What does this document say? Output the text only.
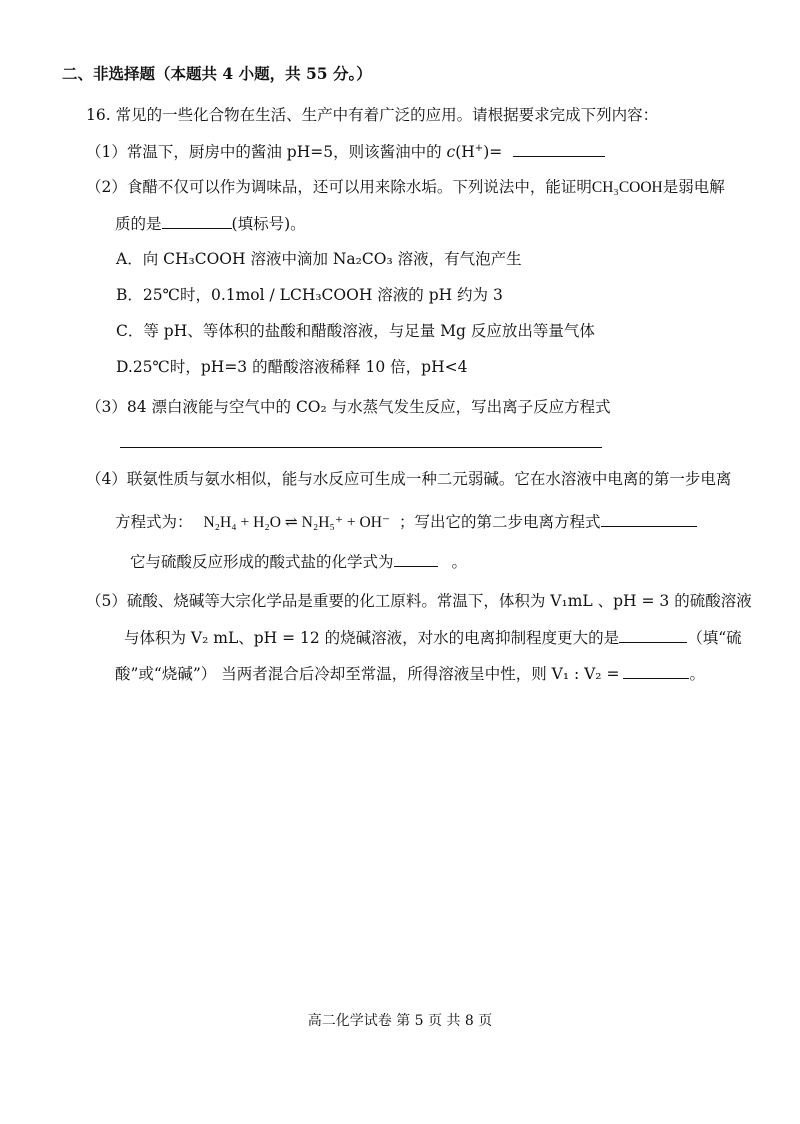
二、非选择题（本题共 4 小题，共 55 分。）
16. 常见的一些化合物在生活、生产中有着广泛的应用。请根据要求完成下列内容：
（1）常温下，厨房中的酱油 pH=5，则该酱油中的 c(H+)=
（2）食醋不仅可以作为调味品，还可以用来除水垢。下列说法中，能证明CH₃COOH是弱电解
质的是	(填标号)。
A．向 CH₃COOH 溶液中滴加 Na₂CO₃ 溶液，有气泡产生
B．25℃时，0.1mol / LCH₃COOH 溶液的 pH 约为 3
C．等 pH、等体积的盐酸和醋酸溶液，与足量 Mg 反应放出等量气体
D.25℃时，pH=3 的醋酸溶液稀释 10 倍，pH<4
（3）84 漂白液能与空气中的 CO₂ 与水蒸气发生反应，写出离子反应方程式
（4）联氨性质与氨水相似，能与水反应可生成一种二元弱碱。它在水溶液中电离的第一步电离
方程式为： N₂H₄ + H₂O ⇌ N₂H₅⁺ + OH⁻ ；写出它的第二步电离方程式
它与硫酸反应形成的酸式盐的化学式为	。
（5）硫酸、烧碱等大宗化学品是重要的化工原料。常温下，体积为 V₁mL 、pH = 3 的硫酸溶液
与体积为 V₂ mL、pH = 12 的烧碱溶液，对水的电离抑制程度更大的是	（填“硫
酸”或“烧碱”） 当两者混合后冷却至常温，所得溶液呈中性，则 V₁ : V₂ =	。
高二化学试卷 第 5 页 共 8 页
